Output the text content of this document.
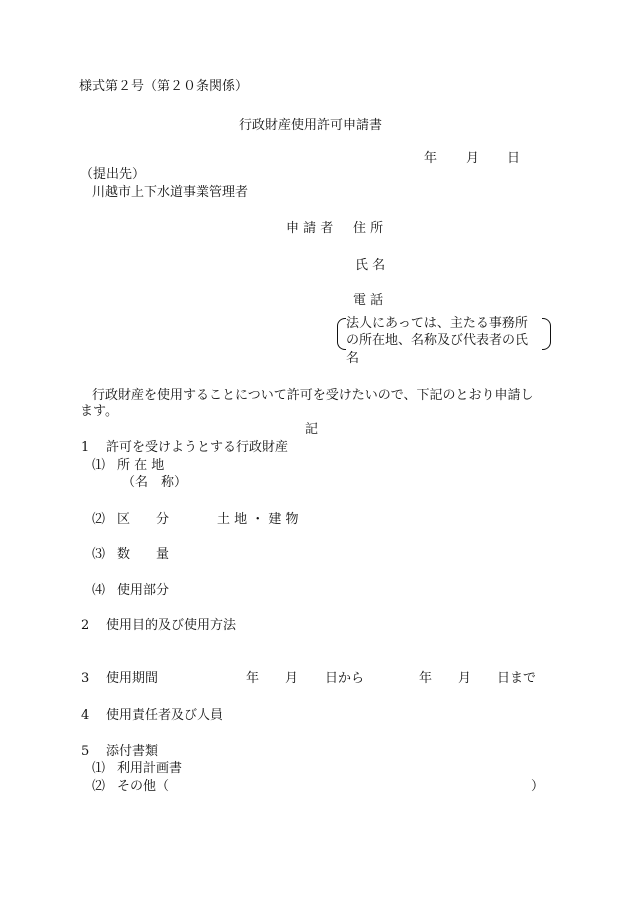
様式第２号（第２０条関係）
行政財産使用許可申請書
年 月 日
（提出先）
川越市上下水道事業管理者
申 請 者 住 所
氏 名
電 話
法人にあっては、主たる事務所
の所在地、名称及び代表者の氏
名
行政財産を使用することについて許可を受けたいので、下記のとおり申請し
ます。
記
1 許可を受けようとする行政財産
⑴ 所 在 地
（名　称）
⑵ 区　　分	土 地 ・ 建 物
⑶ 数　　量
⑷ 使用部分
2 使用目的及び使用方法
3 使用期間	年 月 日から	年 月 日まで
4 使用責任者及び人員
5 添付書類
⑴ 利用計画書
⑵ その他（	）
